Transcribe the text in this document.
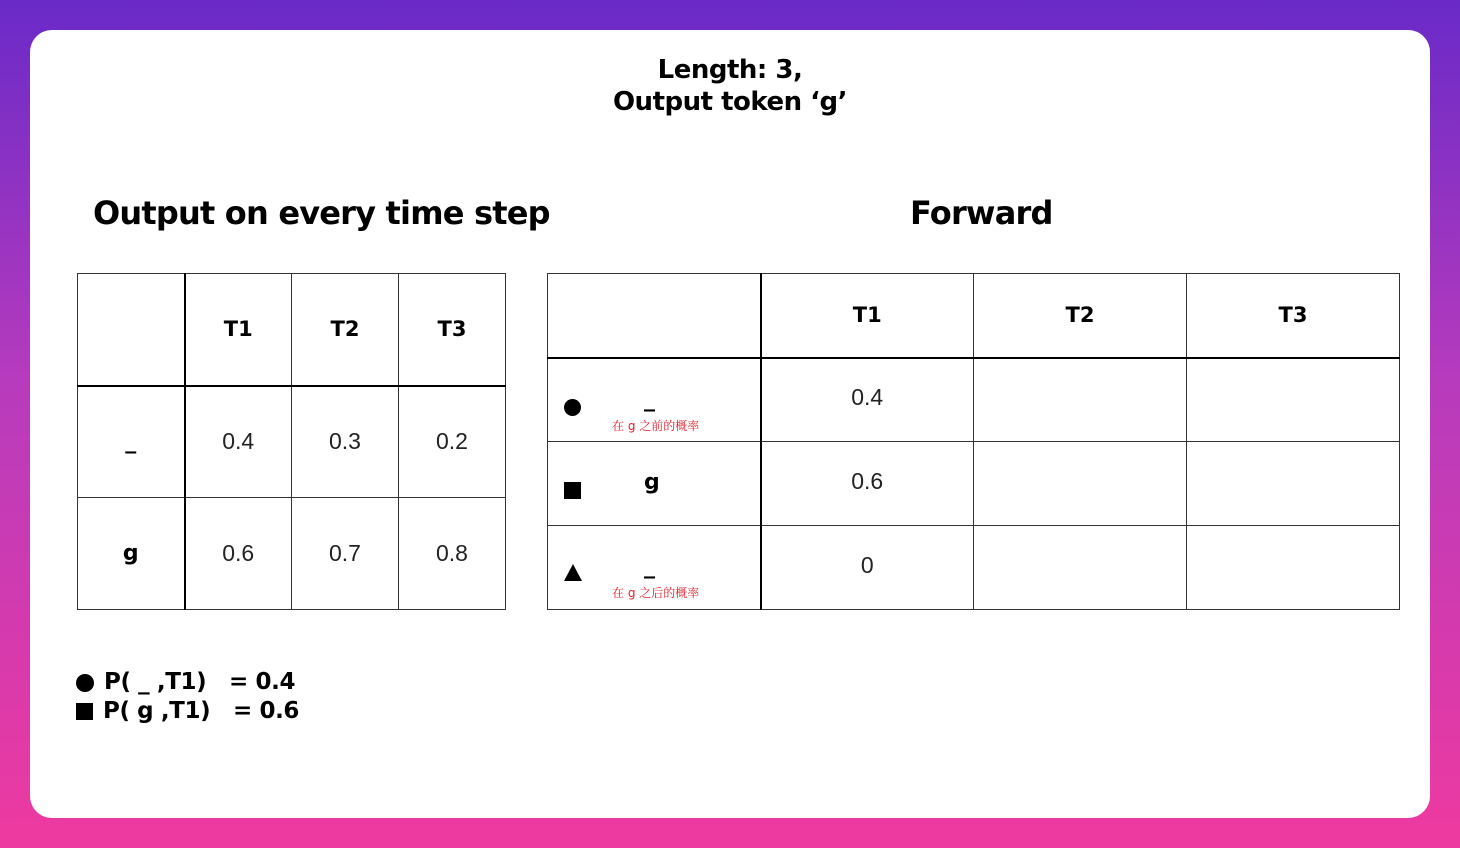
Length: 3,
Output token ‘g’
Output on every time step	Forward
	T1	T2	T3
_	0.4	0.3	0.2
g	0.6	0.7	0.8
	T1	T2	T3

_
在 g 之前的概率	0.4		

g	0.6		

_
在 g 之后的概率	0		
P( _ ,T1)   = 0.4
P( g ,T1)   = 0.6
